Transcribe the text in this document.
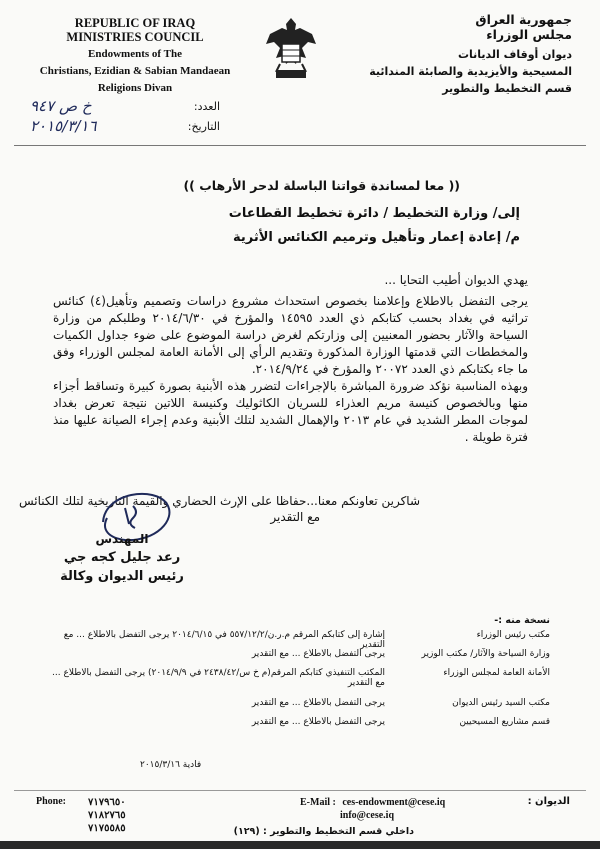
REPUBLIC OF IRAQ
MINISTRIES COUNCIL
Endowments of The
Christians, Ezidian & Sabian Mandaean
Religions Divan
جمهورية العراق
مجلس الوزراء
ديوان أوقاف الديانات
المسيحية والأيزيدية والصابئة المندائية
قسم التخطيط والتطوير
خ ص ٩٤٧	العدد:
٢٠١٥/٣/١٦	التاريخ:
(( معا لمساندة قواتنا الباسلة لدحر الأرهاب ))
إلى/ وزارة التخطيط / دائرة تخطيط القطاعات
م/ إعادة إعمار وتأهيل وترميم الكنائس الأثرية

يهدي الديوان أطيب التحايا ...

يرجى التفضل بالاطلاع وإعلامنا بخصوص استحداث مشروع دراسات وتصميم وتأهيل(٤) كنائس تراثيه في بغداد بحسب كتابكم ذي العدد ١٤٥٩٥ والمؤرخ في ٢٠١٤/٦/٣٠ وطلبكم من وزارة السياحة والآثار بحضور المعنيين إلى وزارتكم لغرض دراسة الموضوع على ضوء جداول الكميات والمخططات التي قدمتها الوزارة المذكورة وتقديم الرأي إلى الأمانة العامة لمجلس الوزراء وفق ما جاء بكتابكم ذي العدد ٢٠٠٧٢ والمؤرخ في ٢٠١٤/٩/٢٤.

وبهذه المناسبة نؤكد ضرورة المباشرة بالإجراءات لتضرر هذه الأبنية بصورة كبيرة وتساقط أجزاء منها وبالخصوص كنيسة مريم العذراء للسريان الكاثوليك وكنيسة اللاتين نتيجة تعرض بغداد لموجات المطر الشديد في عام ٢٠١٣ والإهمال الشديد لتلك الأبنية وعدم إجراء الصيانة عليها منذ فترة طويلة .

شاكرين تعاونكم معنا...حفاظا على الإرث الحضاري والقيمة التاريخية لتلك الكنائس
مع التقدير
المهندس
رعد جليل كجه جي
رئيس الديوان وكالة
نسخة منه :-
مكتب رئيس الوزراء
إشارة إلى كتابكم المرقم م.ر.ن/٥٥٧/١٢/٢ في ٢٠١٤/٦/١٥ يرجى التفضل بالاطلاع ... مع التقدير
وزارة السياحة والآثار/ مكتب الوزير
يرجى التفضل بالاطلاع ... مع التقدير
الأمانة العامة لمجلس الوزراء
المكتب التنفيذي كتابكم المرقم(م خ س/٢٤٣٨/٤٢ في ٢٠١٤/٩/٩) يرجى التفضل بالاطلاع ... مع التقدير
مكتب السيد رئيس الديوان
يرجى التفضل بالاطلاع ... مع التقدير
قسم مشاريع المسيحيين
يرجى التفضل بالاطلاع ... مع التقدير
فادية ٢٠١٥/٣/١٦
Phone: ٧١٧٩٦٥٠
٧١٨٢٧٦٥
٧١٧٥٥٨٥
E-Mail : ces-endowment@cese.iq
info@cese.iq
الديوان :
داخلي قسم التخطيط والتطوير : (١٢٩)
